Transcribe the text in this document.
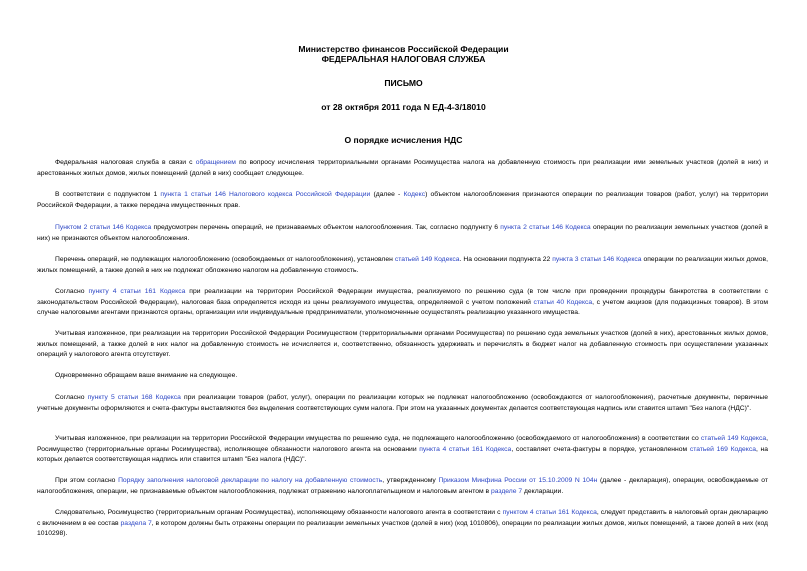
Министерство финансов Российской Федерации
ФЕДЕРАЛЬНАЯ НАЛОГОВАЯ СЛУЖБА
ПИСЬМО
от 28 октября 2011 года N ЕД-4-3/18010
О порядке исчисления НДС

Федеральная налоговая служба в связи с обращением по вопросу исчисления территориальными органами Росимущества налога на добавленную стоимость при реализации ими земельных участков (долей в них) и арестованных жилых домов, жилых помещений (долей в них) сообщает следующее.

В соответствии с подпунктом 1 пункта 1 статьи 146 Налогового кодекса Российской Федерации (далее - Кодекс) объектом налогообложения признаются операции по реализации товаров (работ, услуг) на территории Российской Федерации, а также передача имущественных прав.

Пунктом 2 статьи 146 Кодекса предусмотрен перечень операций, не признаваемых объектом налогообложения. Так, согласно подпункту 6 пункта 2 статьи 146 Кодекса операции по реализации земельных участков (долей в них) не признаются объектом налогообложения.

Перечень операций, не подлежащих налогообложению (освобождаемых от налогообложения), установлен статьей 149 Кодекса. На основании подпункта 22 пункта 3 статьи 146 Кодекса операции по реализации жилых домов, жилых помещений, а также долей в них не подлежат обложению налогом на добавленную стоимость.

Согласно пункту 4 статьи 161 Кодекса при реализации на территории Российской Федерации имущества, реализуемого по решению суда (в том числе при проведении процедуры банкротства в соответствии с законодательством Российской Федерации), налоговая база определяется исходя из цены реализуемого имущества, определяемой с учетом положений статьи 40 Кодекса, с учетом акцизов (для подакцизных товаров). В этом случае налоговыми агентами признаются органы, организации или индивидуальные предприниматели, уполномоченные осуществлять реализацию указанного имущества.

Учитывая изложенное, при реализации на территории Российской Федерации Росимуществом (территориальными органами Росимущества) по решению суда земельных участков (долей в них), арестованных жилых домов, жилых помещений, а также долей в них налог на добавленную стоимость не исчисляется и, соответственно, обязанность удерживать и перечислять в бюджет налог на добавленную стоимость при осуществлении указанных операций у налогового агента отсутствует.

Одновременно обращаем ваше внимание на следующее.

Согласно пункту 5 статьи 168 Кодекса при реализации товаров (работ, услуг), операции по реализации которых не подлежат налогообложению (освобождаются от налогообложения), расчетные документы, первичные учетные документы оформляются и счета-фактуры выставляются без выделения соответствующих сумм налога. При этом на указанных документах делается соответствующая надпись или ставится штамп "Без налога (НДС)".

Учитывая изложенное, при реализации на территории Российской Федерации имущества по решению суда, не подлежащего налогообложению (освобождаемого от налогообложения) в соответствии со статьей 149 Кодекса, Росимущество (территориальные органы Росимущества), исполняющее обязанности налогового агента на основании пункта 4 статьи 161 Кодекса, составляет счета-фактуры в порядке, установленном статьей 169 Кодекса, на которых делается соответствующая надпись или ставится штамп "Без налога (НДС)".

При этом согласно Порядку заполнения налоговой декларации по налогу на добавленную стоимость, утвержденному Приказом Минфина России от 15.10.2009 N 104н (далее - декларация), операции, освобождаемые от налогообложения, операции, не признаваемые объектом налогообложения, подлежат отражению налогоплательщиком и налоговым агентом в разделе 7 декларации.

Следовательно, Росимущество (территориальным органам Росимущества), исполняющему обязанности налогового агента в соответствии с пунктом 4 статьи 161 Кодекса, следует представить в налоговый орган декларацию с включением в ее состав раздела 7, в котором должны быть отражены операции по реализации земельных участков (долей в них) (код 1010806), операции по реализации жилых домов, жилых помещений, а также долей в них (код 1010298).
